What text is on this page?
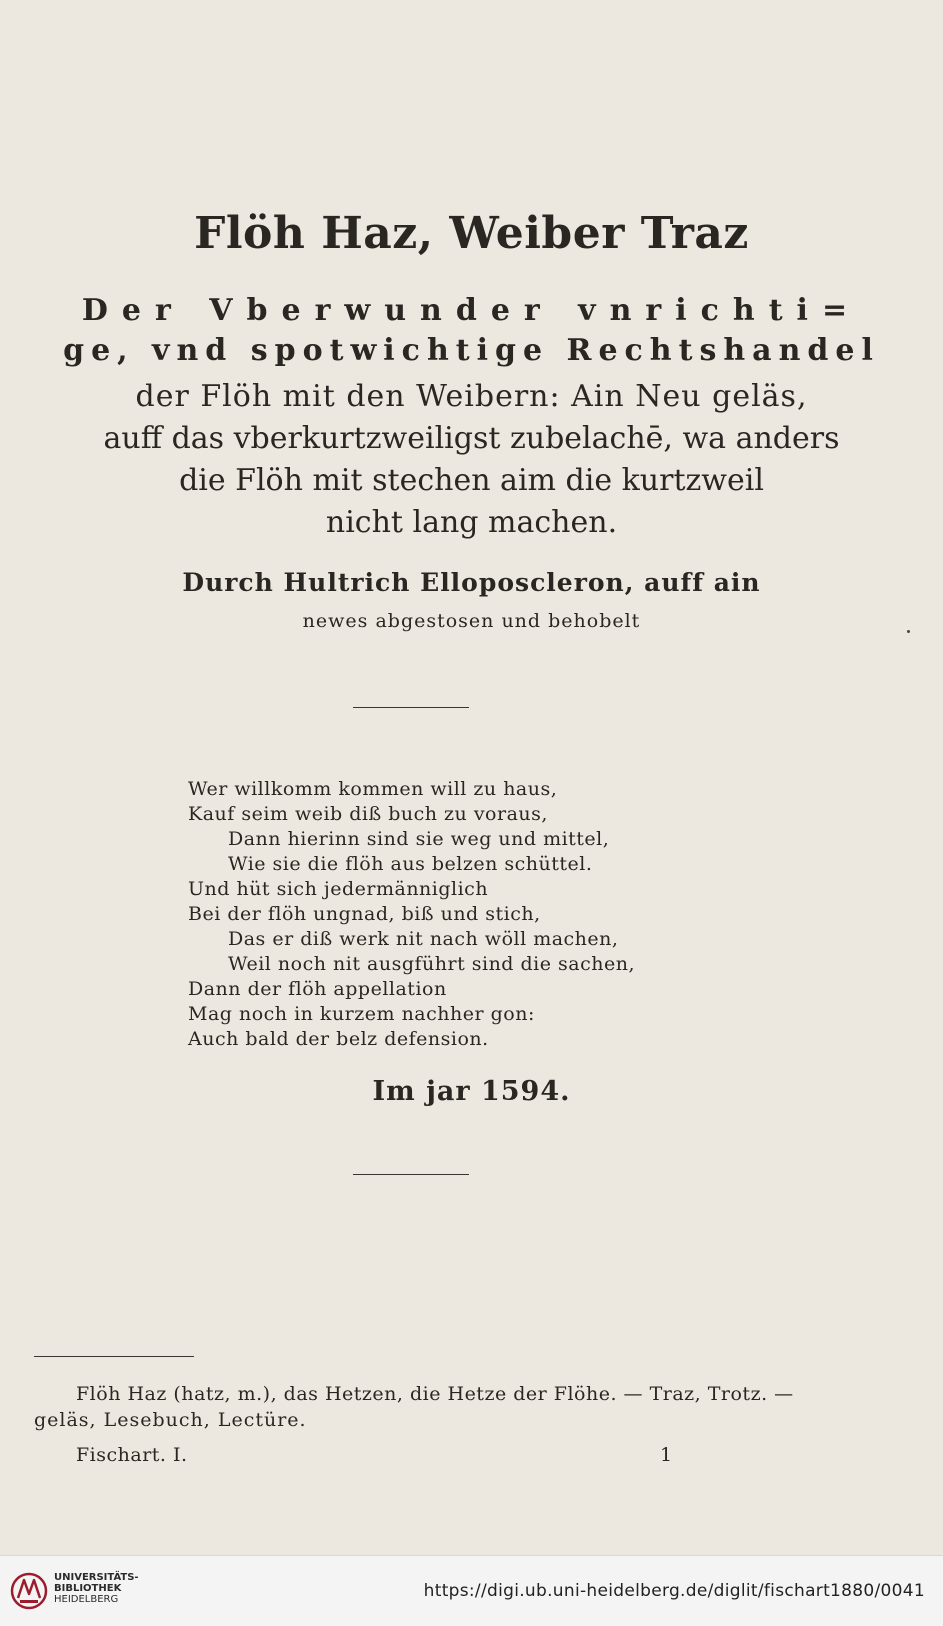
Flöh Haz, Weiber Traz
Der Vberwunder vnrichti=
ge, vnd spotwichtige Rechtshandel
der Flöh mit den Weibern: Ain Neu geläs,
auff das vberkurtzweiligst zubelachē, wa anders
die Flöh mit stechen aim die kurtzweil
nicht lang machen.
Durch Hultrich Elloposcleron, auff ain
newes abgestosen und behobelt
Wer willkomm kommen will zu haus,
Kauf seim weib diß buch zu voraus,
Dann hierinn sind sie weg und mittel,
Wie sie die flöh aus belzen schüttel.
Und hüt sich jedermänniglich
Bei der flöh ungnad, biß und stich,
Das er diß werk nit nach wöll machen,
Weil noch nit ausgführt sind die sachen,
Dann der flöh appellation
Mag noch in kurzem nachher gon:
Auch bald der belz defension.
Im jar 1594.
Flöh Haz (hatz, m.), das Hetzen, die Hetze der Flöhe. — Traz, Trotz. —
geläs, Lesebuch, Lectüre.
Fischart. I.	1
UNIVERSITÄTS-
BIBLIOTHEK
HEIDELBERG	https://digi.ub.uni-heidelberg.de/diglit/fischart1880/0041
